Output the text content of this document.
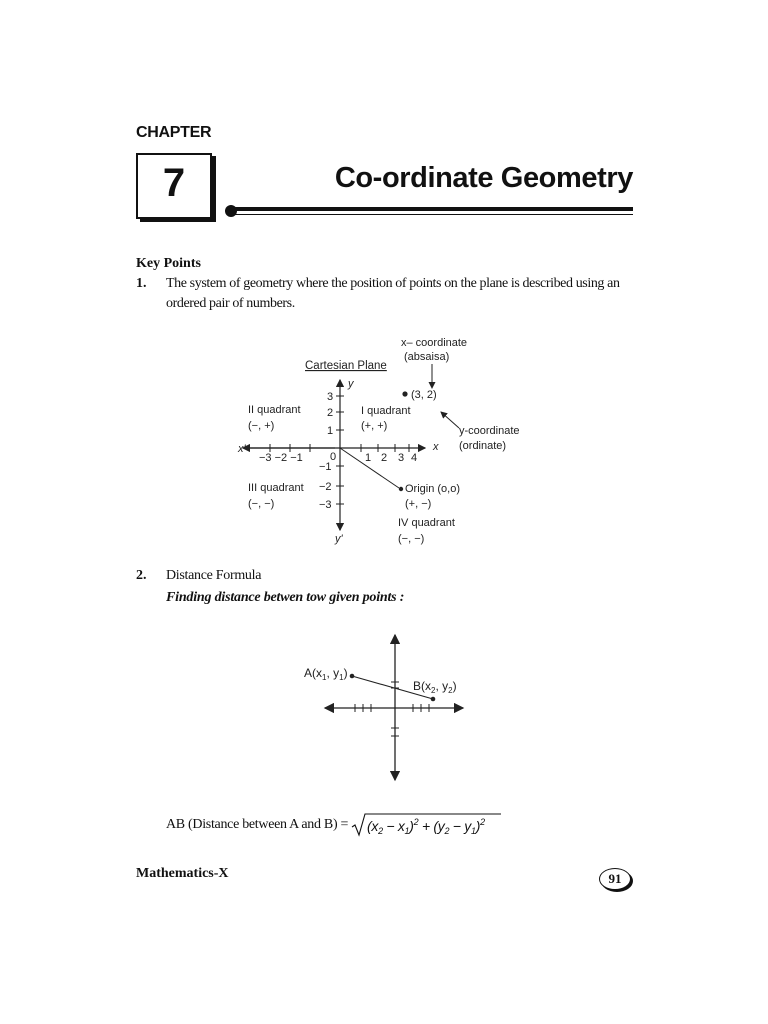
CHAPTER
7	Co-ordinate Geometry
Key Points
1. The system of geometry where the position of points on the plane is described using an ordered pair of numbers.
Cartesian Plane
x
x'
y
y'
0
−3 −2 −1	1 2 3 4
3
2
1
−1
−2
−3
II quadrant
(−, +)
I quadrant
(+, +)
III quadrant
(−, −)
IV quadrant
(−, −)
(3, 2)
x– coordinate
(absaisa)
y-coordinate
(ordinate)
Origin (o,o)
(+, −)
2. Distance Formula
Finding distance betwen tow given points :
$A(x_1$, $y_1$)
$B(x_2$, $y_2$)
AB (Distance between A and $B) = (x_2 - x_1)^2 + (y_2 - y_1)^2$
Mathematics-X	91
